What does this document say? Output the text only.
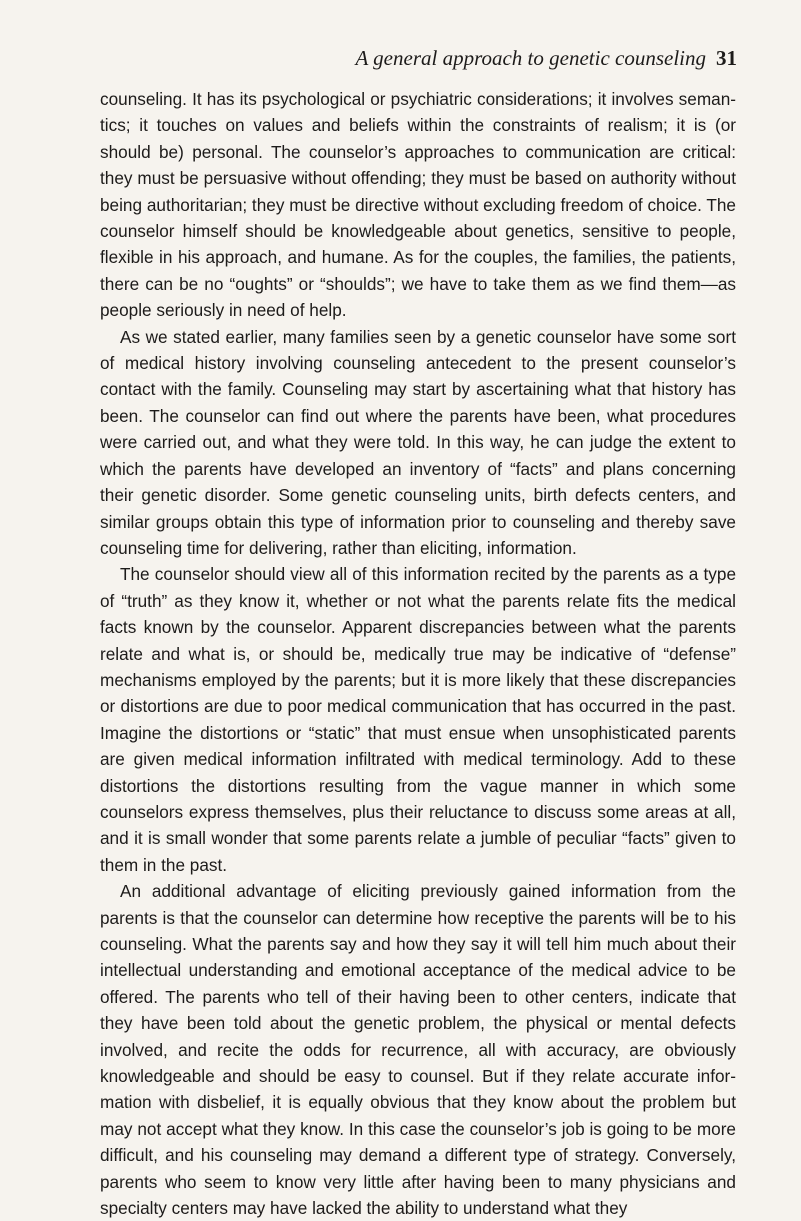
A general approach to genetic counseling 31

counseling. It has its psychological or psychiatric considerations; it involves semantics; it touches on values and beliefs within the constraints of realism; it is (or should be) personal. The counselor’s approaches to communication are critical: they must be persuasive without offending; they must be based on authority without being authoritarian; they must be directive without excluding freedom of choice. The counselor himself should be knowledgeable about genetics, sensitive to people, flexible in his approach, and humane. As for the couples, the families, the patients, there can be no “oughts” or “shoulds”; we have to take them as we find them—as people seriously in need of help.

As we stated earlier, many families seen by a genetic counselor have some sort of medical history involving counseling antecedent to the present counselor’s contact with the family. Counseling may start by ascertaining what that history has been. The counselor can find out where the parents have been, what procedures were carried out, and what they were told. In this way, he can judge the extent to which the parents have developed an inventory of “facts” and plans concerning their genetic disorder. Some genetic counseling units, birth defects centers, and similar groups obtain this type of information prior to counseling and thereby save counseling time for delivering, rather than eliciting, information.

The counselor should view all of this information recited by the parents as a type of “truth” as they know it, whether or not what the parents relate fits the medical facts known by the counselor. Apparent discrepancies between what the parents relate and what is, or should be, medically true may be indicative of “defense” mechanisms employed by the parents; but it is more likely that these discrepancies or distortions are due to poor medical communication that has occurred in the past. Imagine the distortions or “static” that must ensue when unsophisticated parents are given medical information infiltrated with medical terminology. Add to these distortions the distortions resulting from the vague manner in which some counselors express themselves, plus their reluctance to discuss some areas at all, and it is small wonder that some parents relate a jumble of peculiar “facts” given to them in the past.

An additional advantage of eliciting previously gained information from the parents is that the counselor can determine how receptive the parents will be to his counseling. What the parents say and how they say it will tell him much about their intellectual understanding and emotional acceptance of the medical advice to be offered. The parents who tell of their having been to other centers, indicate that they have been told about the genetic problem, the physical or mental defects involved, and recite the odds for recurrence, all with accuracy, are obviously knowledgeable and should be easy to counsel. But if they relate accurate information with disbelief, it is equally obvious that they know about the problem but may not accept what they know. In this case the counselor’s job is going to be more difficult, and his counseling may demand a different type of strategy. Conversely, parents who seem to know very little after having been to many physicians and specialty centers may have lacked the ability to understand what they
